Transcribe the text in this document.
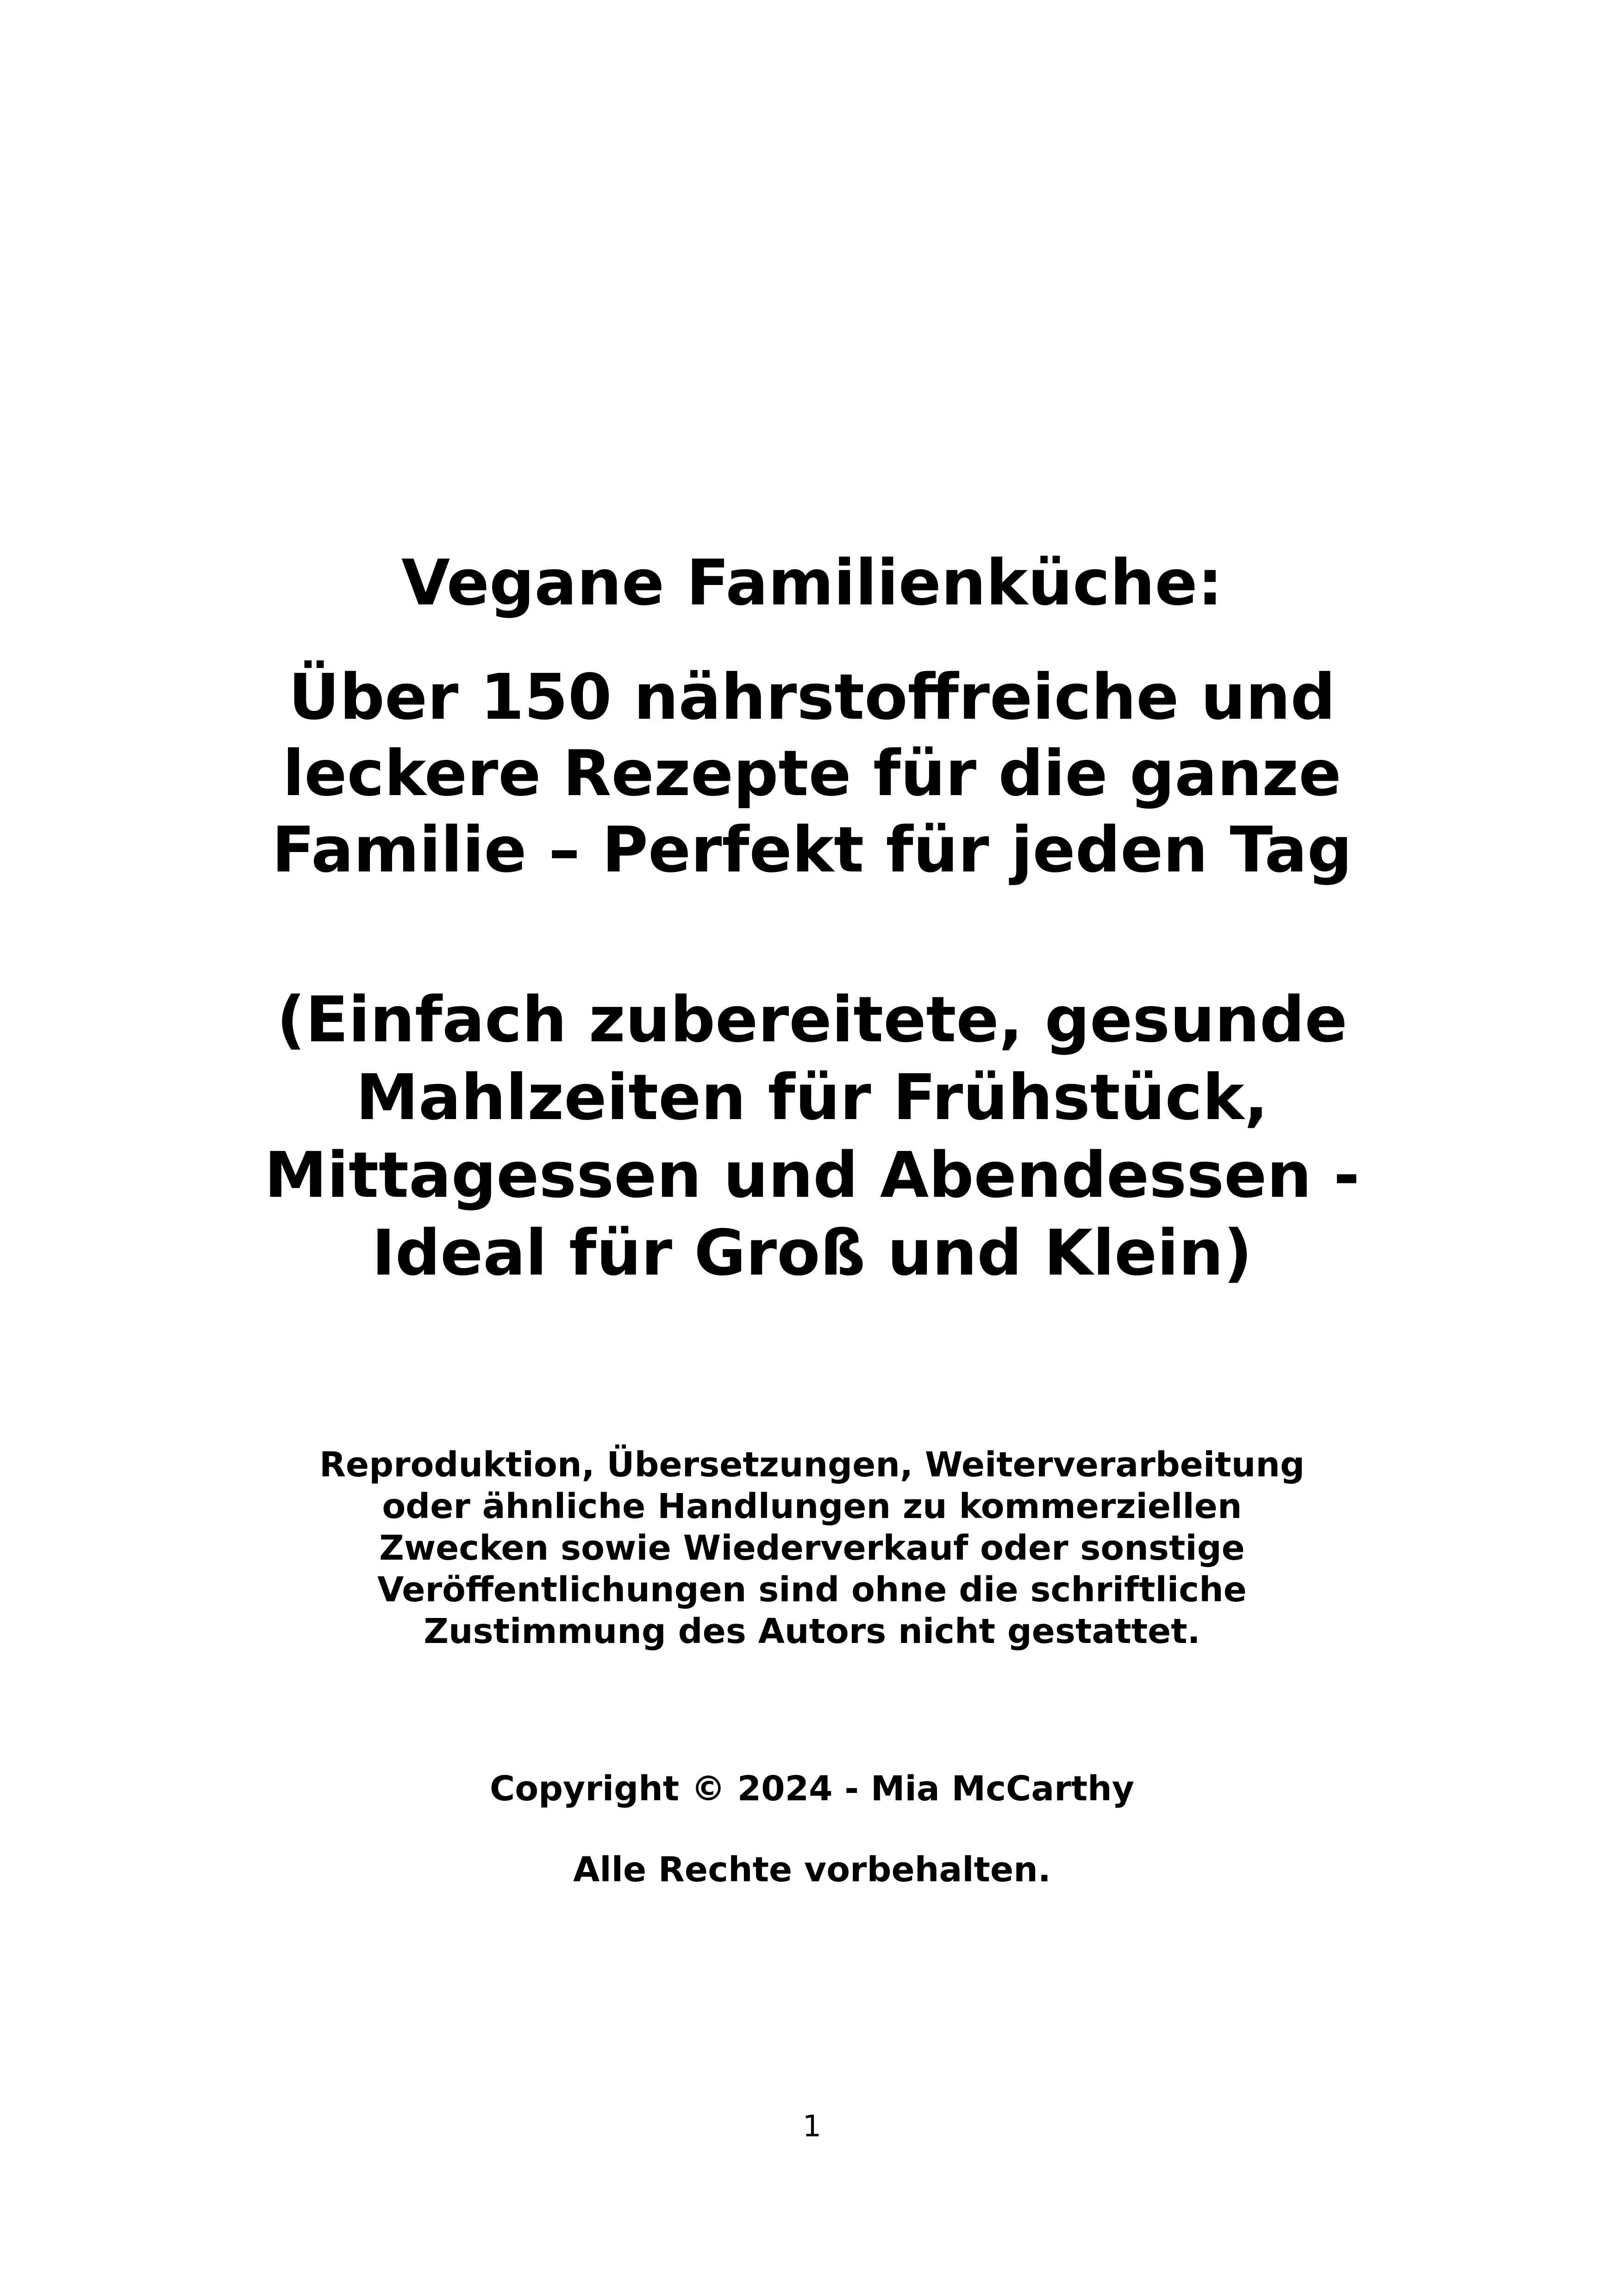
Vegane Familienküche:
Über 150 nährstoffreiche und
leckere Rezepte für die ganze
Familie – Perfekt für jeden Tag
(Einfach zubereitete, gesunde
Mahlzeiten für Frühstück,
Mittagessen und Abendessen -
Ideal für Groß und Klein)
Reproduktion, Übersetzungen, Weiterverarbeitung
oder ähnliche Handlungen zu kommerziellen
Zwecken sowie Wiederverkauf oder sonstige
Veröffentlichungen sind ohne die schriftliche
Zustimmung des Autors nicht gestattet.
Copyright © 2024 - Mia McCarthy
Alle Rechte vorbehalten.
1
